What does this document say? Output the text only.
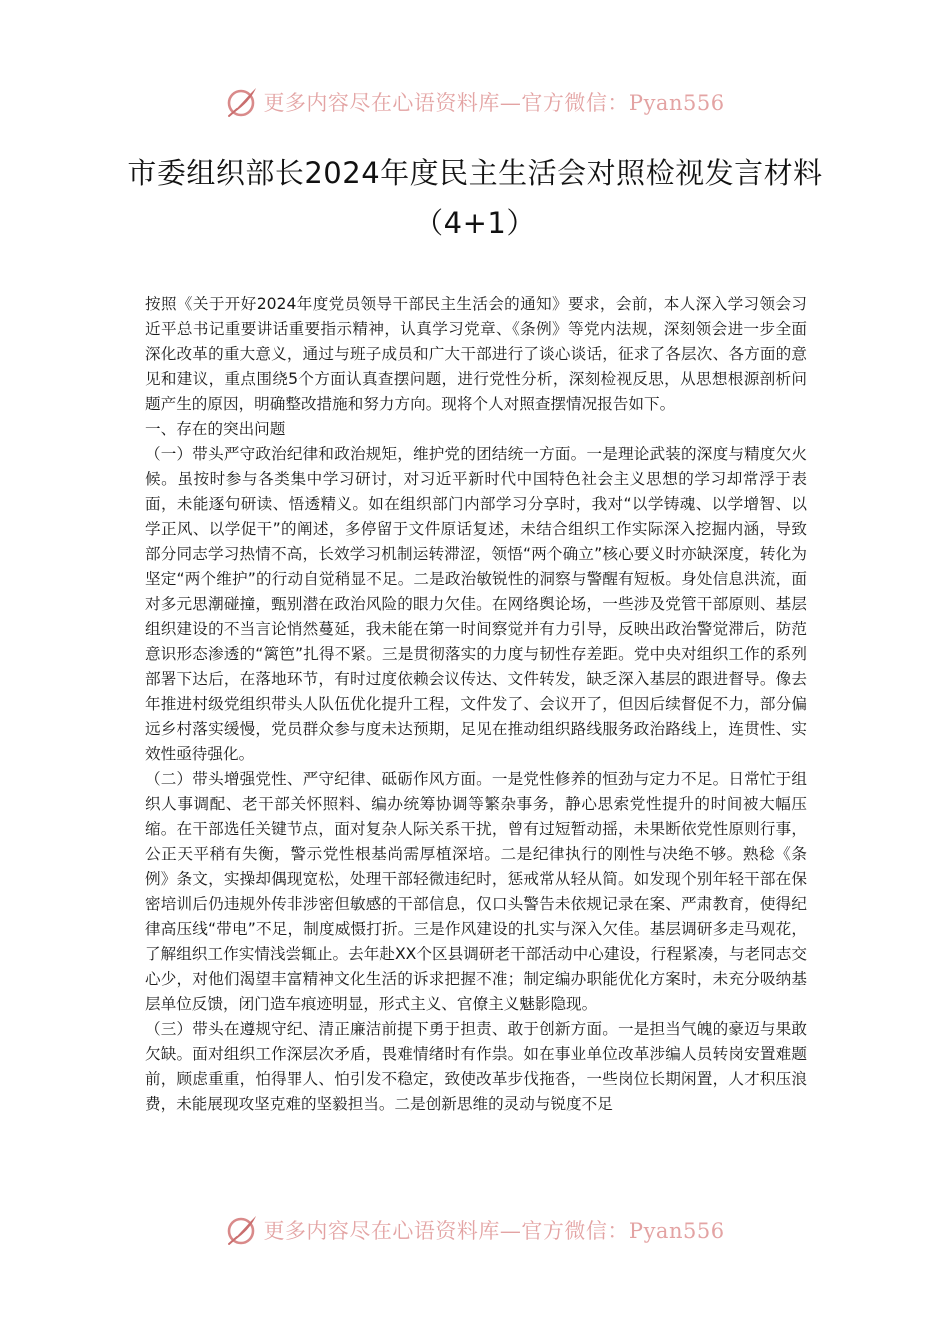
更多内容尽在心语资料库—官方微信：Pyan556
市委组织部长2024年度民主生活会对照检视发言材料（4+1）

按照《关于开好2024年度党员领导干部民主生活会的通知》要求，会前，本人深入学习领会习近平总书记重要讲话重要指示精神，认真学习党章、《条例》等党内法规，深刻领会进一步全面深化改革的重大意义，通过与班子成员和广大干部进行了谈心谈话，征求了各层次、各方面的意见和建议，重点围绕5个方面认真查摆问题，进行党性分析，深刻检视反思，从思想根源剖析问题产生的原因，明确整改措施和努力方向。现将个人对照查摆情况报告如下。

一、存在的突出问题

（一）带头严守政治纪律和政治规矩，维护党的团结统一方面。一是理论武装的深度与精度欠火候。虽按时参与各类集中学习研讨，对习近平新时代中国特色社会主义思想的学习却常浮于表面，未能逐句研读、悟透精义。如在组织部门内部学习分享时，我对“以学铸魂、以学增智、以学正风、以学促干”的阐述，多停留于文件原话复述，未结合组织工作实际深入挖掘内涵，导致部分同志学习热情不高，长效学习机制运转滞涩，领悟“两个确立”核心要义时亦缺深度，转化为坚定“两个维护”的行动自觉稍显不足。二是政治敏锐性的洞察与警醒有短板。身处信息洪流，面对多元思潮碰撞，甄别潜在政治风险的眼力欠佳。在网络舆论场，一些涉及党管干部原则、基层组织建设的不当言论悄然蔓延，我未能在第一时间察觉并有力引导，反映出政治警觉滞后，防范意识形态渗透的“篱笆”扎得不紧。三是贯彻落实的力度与韧性存差距。党中央对组织工作的系列部署下达后，在落地环节，有时过度依赖会议传达、文件转发，缺乏深入基层的跟进督导。像去年推进村级党组织带头人队伍优化提升工程，文件发了、会议开了，但因后续督促不力，部分偏远乡村落实缓慢，党员群众参与度未达预期，足见在推动组织路线服务政治路线上，连贯性、实效性亟待强化。

（二）带头增强党性、严守纪律、砥砺作风方面。一是党性修养的恒劲与定力不足。日常忙于组织人事调配、老干部关怀照料、编办统筹协调等繁杂事务，静心思索党性提升的时间被大幅压缩。在干部选任关键节点，面对复杂人际关系干扰，曾有过短暂动摇，未果断依党性原则行事，公正天平稍有失衡，警示党性根基尚需厚植深培。二是纪律执行的刚性与决绝不够。熟稔《条例》条文，实操却偶现宽松，处理干部轻微违纪时，惩戒常从轻从简。如发现个别年轻干部在保密培训后仍违规外传非涉密但敏感的干部信息，仅口头警告未依规记录在案、严肃教育，使得纪律高压线“带电”不足，制度威慑打折。三是作风建设的扎实与深入欠佳。基层调研多走马观花，了解组织工作实情浅尝辄止。去年赴XX个区县调研老干部活动中心建设，行程紧凑，与老同志交心少，对他们渴望丰富精神文化生活的诉求把握不准；制定编办职能优化方案时，未充分吸纳基层单位反馈，闭门造车痕迹明显，形式主义、官僚主义魅影隐现。

（三）带头在遵规守纪、清正廉洁前提下勇于担责、敢于创新方面。一是担当气魄的豪迈与果敢欠缺。面对组织工作深层次矛盾，畏难情绪时有作祟。如在事业单位改革涉编人员转岗安置难题前，顾虑重重，怕得罪人、怕引发不稳定，致使改革步伐拖沓，一些岗位长期闲置，人才积压浪费，未能展现攻坚克难的坚毅担当。二是创新思维的灵动与锐度不足

更多内容尽在心语资料库—官方微信：Pyan556
